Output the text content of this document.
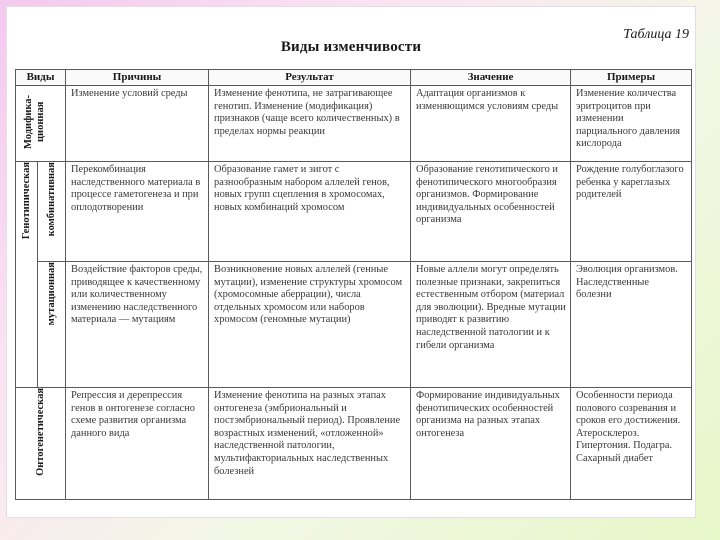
Таблица 19
Виды изменчивости
Виды		Причины	Результат	Значение	Примеры

Модифика-ционная		Изменение условий среды	Изменение фенотипа, не затрагивающее генотип. Изменение (модификация) признаков (чаще всего количественных) в пределах нормы реакции	Адаптация организмов к изменяющимся условиям среды	Изменение количества эритроцитов при изменении парциального давления кислорода

Генотипическая	комбинативная	Перекомбинация наследственного материала в процессе гаметогенеза и при оплодотворении	Образование гамет и зигот с разнообразным набором аллелей генов, новых групп сцепления в хромосомах, новых комбинаций хромосом	Образование генотипического и фенотипического многообразия организмов. Формирование индивидуальных особенностей организма	Рождение голубоглазого ребенка у кареглазых родителей

	мутационная	Воздействие факторов среды, приводящее к качественному или количественному изменению наследственного материала — мутациям	Возникновение новых аллелей (генные мутации), изменение структуры хромосом (хромосомные аберрации), числа отдельных хромосом или наборов хромосом (геномные мутации)	Новые аллели могут определять полезные признаки, закрепиться естественным отбором (материал для эволюции). Вредные мутации приводят к развитию наследственной патологии и к гибели организма	Эволюция организмов. Наследственные болезни

Онтогенетическая		Репрессия и дерепрессия генов в онтогенезе согласно схеме развития организма данного вида	Изменение фенотипа на разных этапах онтогенеза (эмбриональный и постэмбриональный период). Проявление возрастных изменений, «отложенной» наследственной патологии, мультифакториальных наследственных болезней	Формирование индивидуальных фенотипических особенностей организма на разных этапах онтогенеза	Особенности периода полового созревания и сроков его достижения. Атеросклероз. Гипертония. Подагра. Сахарный диабет
